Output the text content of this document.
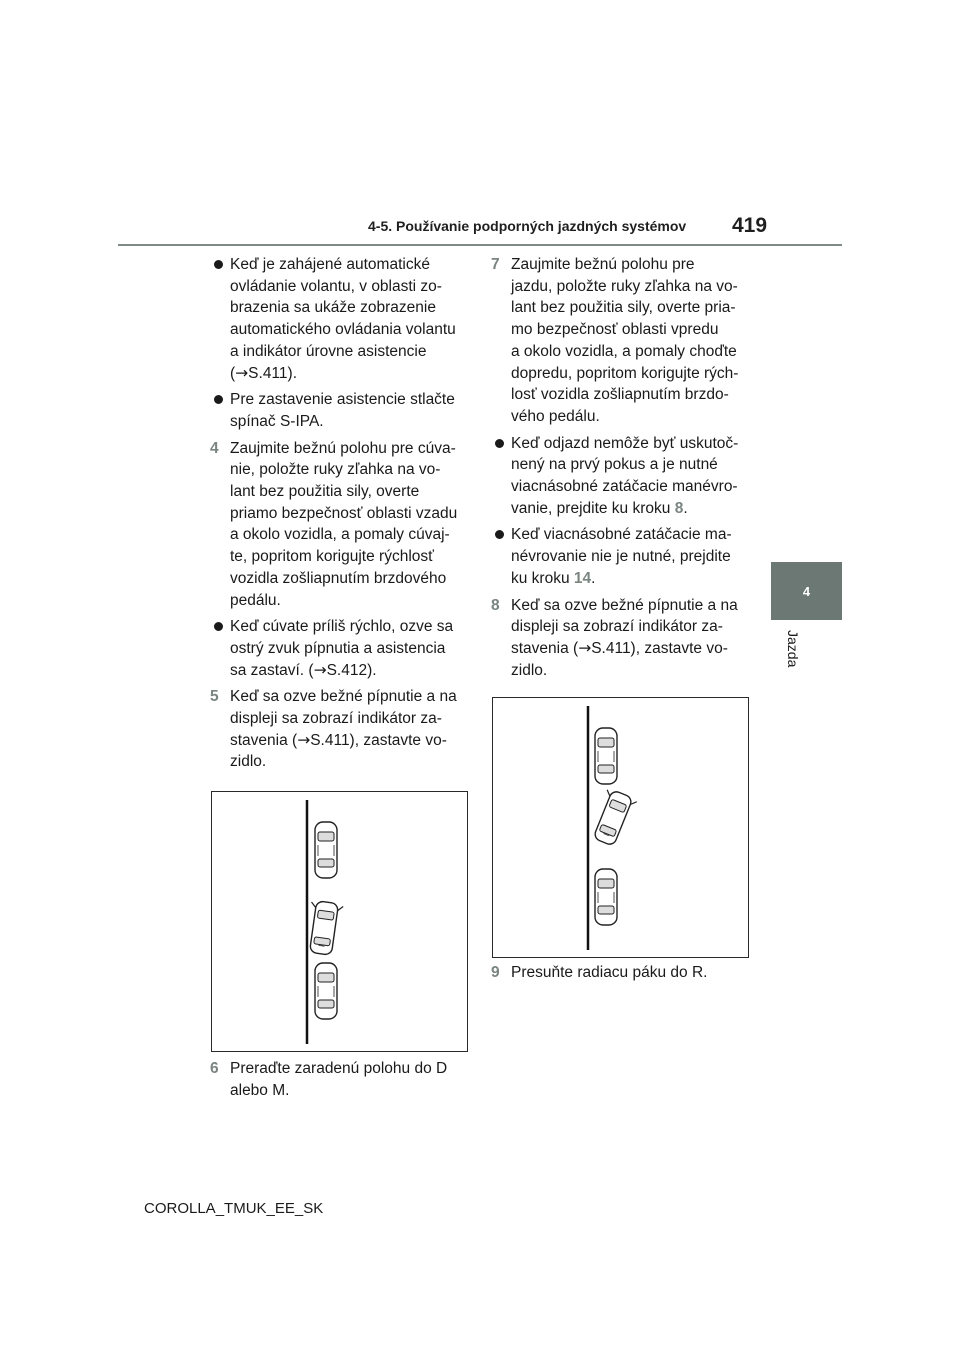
4-5. Používanie podporných jazdných systémov 419
4
Jazda
Keď je zahájené automatické
ovládanie volantu, v oblasti zo-
brazenia sa ukáže zobrazenie
automatického ovládania volantu
a indikátor úrovne asistencie
(→S.411).
Pre zastavenie asistencie stlačte
spínač S-IPA.
4 Zaujmite bežnú polohu pre cúva-
nie, položte ruky zľahka na vo-
lant bez použitia sily, overte
priamo bezpečnosť oblasti vzadu
a okolo vozidla, a pomaly cúvaj-
te, popritom korigujte rýchlosť
vozidla zošliapnutím brzdového
pedálu.
Keď cúvate príliš rýchlo, ozve sa
ostrý zvuk pípnutia a asistencia
sa zastaví. (→S.412).
5 Keď sa ozve bežné pípnutie a na
displeji sa zobrazí indikátor za-
stavenia (→S.411), zastavte vo-
zidlo.
6 Preraďte zaradenú polohu do D
alebo M.
7 Zaujmite bežnú polohu pre
jazdu, položte ruky zľahka na vo-
lant bez použitia sily, overte pria-
mo bezpečnosť oblasti vpredu
a okolo vozidla, a pomaly choďte
dopredu, popritom korigujte rých-
losť vozidla zošliapnutím brzdo-
vého pedálu.
Keď odjazd nemôže byť uskutoč-
nený na prvý pokus a je nutné
viacnásobné zatáčacie manévro-
vanie, prejdite ku kroku 8.
Keď viacnásobné zatáčacie ma-
névrovanie nie je nutné, prejdite
ku kroku 14.
8 Keď sa ozve bežné pípnutie a na
displeji sa zobrazí indikátor za-
stavenia (→S.411), zastavte vo-
zidlo.
9 Presuňte radiacu páku do R.
COROLLA_TMUK_EE_SK
